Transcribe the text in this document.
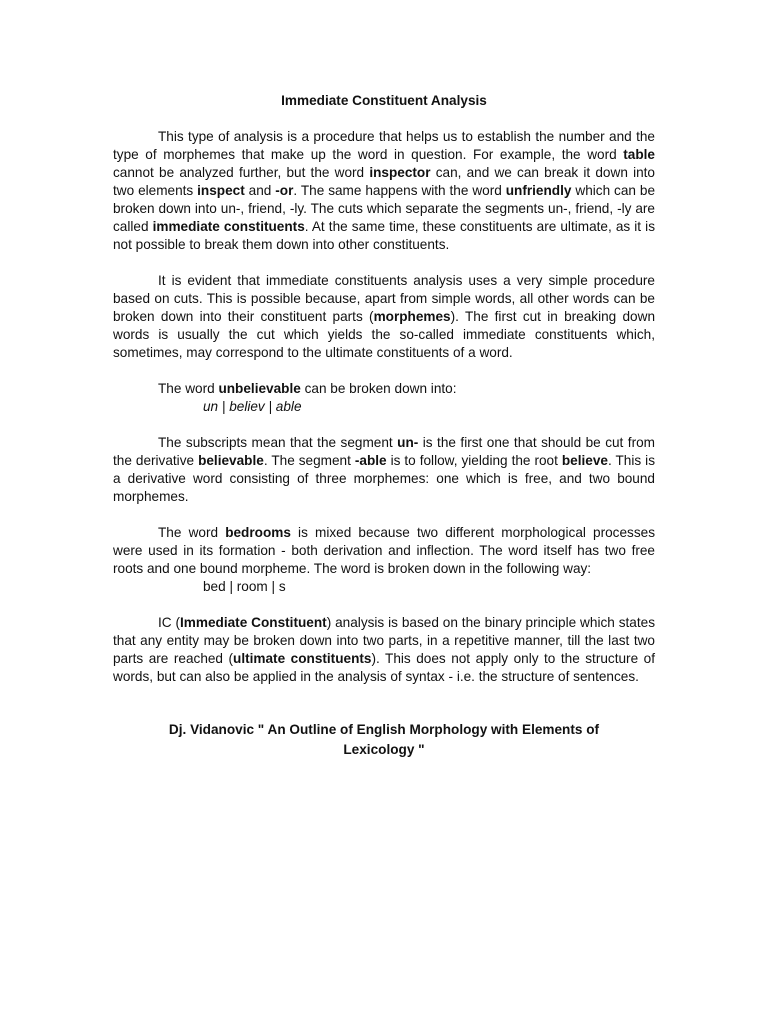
Immediate Constituent Analysis

This type of analysis is a procedure that helps us to establish the number and the type of morphemes that make up the word in question. For example, the word table cannot be analyzed further, but the word inspector can, and we can break it down into two elements inspect and -or. The same happens with the word unfriendly which can be broken down into un-, friend, -ly. The cuts which separate the segments un-, friend, -ly are called immediate constituents. At the same time, these constituents are ultimate, as it is not possible to break them down into other constituents.

It is evident that immediate constituents analysis uses a very simple procedure based on cuts. This is possible because, apart from simple words, all other words can be broken down into their constituent parts (morphemes). The first cut in breaking down words is usually the cut which yields the so-called immediate constituents which, sometimes, may correspond to the ultimate constituents of a word.

The word unbelievable can be broken down into:

un | believ | able

The subscripts mean that the segment un- is the first one that should be cut from the derivative believable. The segment -able is to follow, yielding the root believe. This is a derivative word consisting of three morphemes: one which is free, and two bound morphemes.

The word bedrooms is mixed because two different morphological processes were used in its formation - both derivation and inflection. The word itself has two free roots and one bound morpheme. The word is broken down in the following way:

bed | room | s

IC (Immediate Constituent) analysis is based on the binary principle which states that any entity may be broken down into two parts, in a repetitive manner, till the last two parts are reached (ultimate constituents). This does not apply only to the structure of words, but can also be applied in the analysis of syntax - i.e. the structure of sentences.

Dj. Vidanovic " An Outline of English Morphology with Elements of
Lexicology "
